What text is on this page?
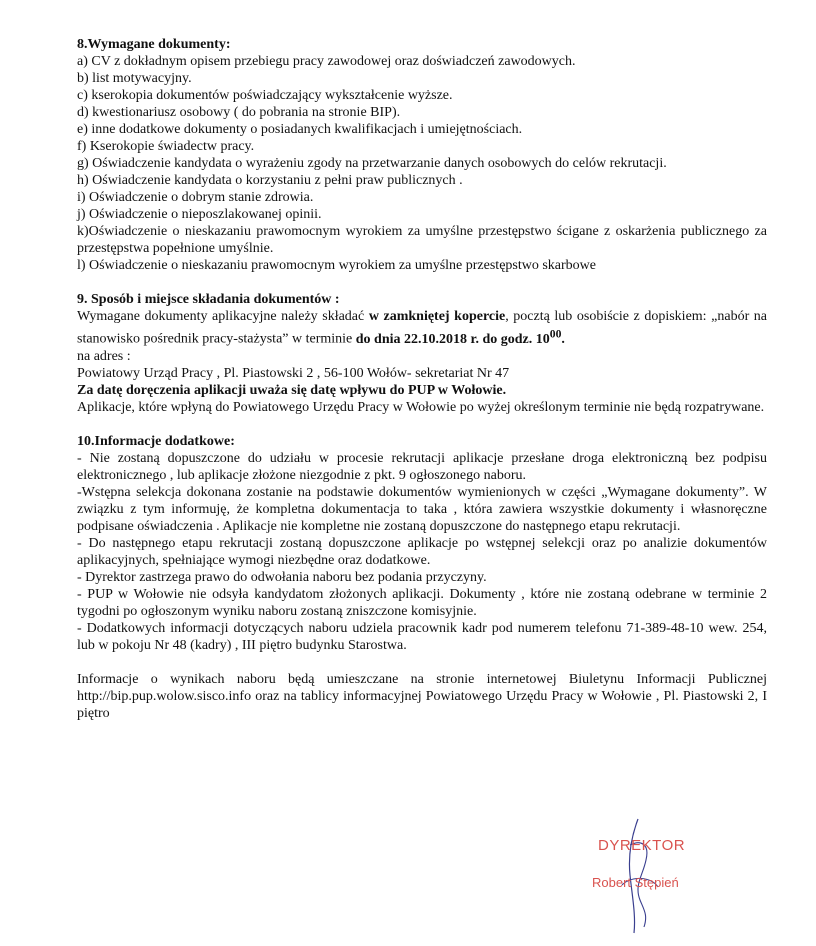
8.Wymagane dokumenty:

a) CV z dokładnym opisem przebiegu pracy zawodowej oraz doświadczeń zawodowych.

b) list motywacyjny.

c) kserokopia dokumentów poświadczający wykształcenie wyższe.

d) kwestionariusz osobowy ( do pobrania na stronie BIP).

e) inne dodatkowe dokumenty o posiadanych kwalifikacjach i umiejętnościach.

f) Kserokopie świadectw pracy.

g) Oświadczenie kandydata o wyrażeniu zgody na przetwarzanie danych osobowych do celów rekrutacji.

h) Oświadczenie kandydata o korzystaniu z pełni praw publicznych .

i) Oświadczenie o dobrym stanie zdrowia.

j) Oświadczenie o nieposzlakowanej opinii.

k)Oświadczenie o nieskazaniu prawomocnym wyrokiem za umyślne przestępstwo ścigane z oskarżenia publicznego za przestępstwa popełnione umyślnie.

l) Oświadczenie o nieskazaniu prawomocnym wyrokiem za umyślne przestępstwo skarbowe

9. Sposób i miejsce składania dokumentów :

Wymagane dokumenty aplikacyjne należy składać w zamkniętej kopercie, pocztą lub osobiście z dopiskiem: „nabór na stanowisko pośrednik pracy-stażysta” w terminie do dnia 22.10.2018 r. do godz. $10^{00}$.

na adres :

Powiatowy Urząd Pracy , Pl. Piastowski 2 , 56-100 Wołów- sekretariat Nr 47

Za datę doręczenia aplikacji uważa się datę wpływu do PUP w Wołowie.

Aplikacje, które wpłyną do Powiatowego Urzędu Pracy w Wołowie po wyżej określonym terminie nie będą rozpatrywane.

10.Informacje dodatkowe:

- Nie zostaną dopuszczone do udziału w procesie rekrutacji aplikacje przesłane droga elektroniczną bez podpisu elektronicznego , lub aplikacje złożone niezgodnie z pkt. 9 ogłoszonego naboru.

-Wstępna selekcja dokonana zostanie na podstawie dokumentów wymienionych w części „Wymagane dokumenty”. W związku z tym informuję, że kompletna dokumentacja to taka , która zawiera wszystkie dokumenty i własnoręczne podpisane oświadczenia . Aplikacje nie kompletne nie zostaną dopuszczone do następnego etapu rekrutacji.

- Do następnego etapu rekrutacji zostaną dopuszczone aplikacje po wstępnej selekcji oraz po analizie dokumentów aplikacyjnych, spełniające wymogi niezbędne oraz dodatkowe.

- Dyrektor zastrzega prawo do odwołania naboru bez podania przyczyny.

- PUP w Wołowie nie odsyła kandydatom złożonych aplikacji. Dokumenty , które nie zostaną odebrane w terminie 2 tygodni po ogłoszonym wyniku naboru zostaną zniszczone komisyjnie.

- Dodatkowych informacji dotyczących naboru udziela pracownik kadr pod numerem telefonu 71-389-48-10 wew. 254, lub w pokoju Nr 48 (kadry) , III piętro budynku Starostwa.

Informacje o wynikach naboru będą umieszczane na stronie internetowej Biuletynu Informacji Publicznej http://bip.pup.wolow.sisco.info oraz na tablicy informacyjnej Powiatowego Urzędu Pracy w Wołowie , Pl. Piastowski 2, I piętro

DYREKTOR
Robert Stępień
